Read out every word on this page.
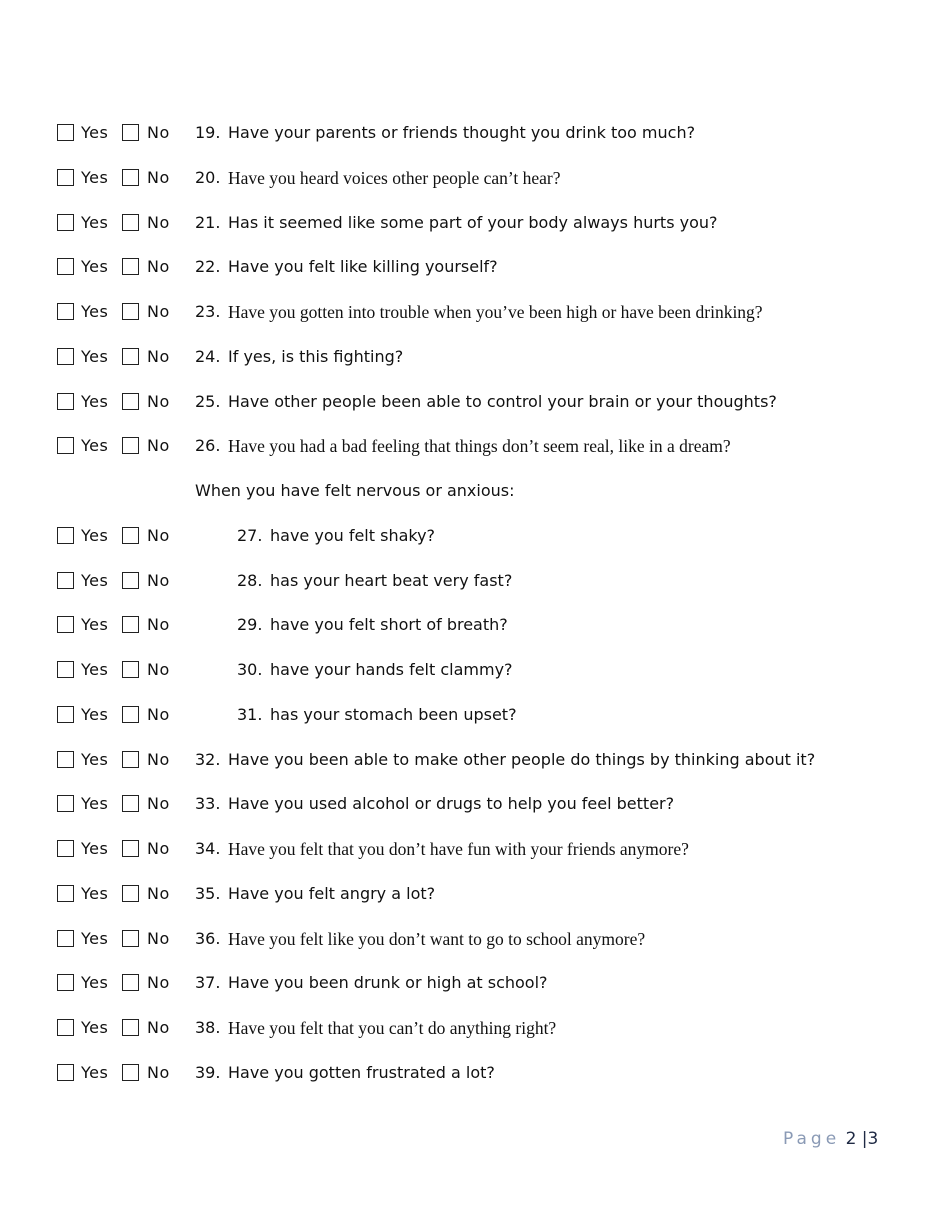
Yes No 19. Have your parents or friends thought you drink too much?
Yes No 20. Have you heard voices other people can’t hear?
Yes No 21. Has it seemed like some part of your body always hurts you?
Yes No 22. Have you felt like killing yourself?
Yes No 23. Have you gotten into trouble when you’ve been high or have been drinking?
Yes No 24. If yes, is this fighting?
Yes No 25. Have other people been able to control your brain or your thoughts?
Yes No 26. Have you had a bad feeling that things don’t seem real, like in a dream?
When you have felt nervous or anxious:
Yes No	27. have you felt shaky?
Yes No	28. has your heart beat very fast?
Yes No	29. have you felt short of breath?
Yes No	30. have your hands felt clammy?
Yes No	31. has your stomach been upset?
Yes No 32. Have you been able to make other people do things by thinking about it?
Yes No 33. Have you used alcohol or drugs to help you feel better?
Yes No 34. Have you felt that you don’t have fun with your friends anymore?
Yes No 35. Have you felt angry a lot?
Yes No 36. Have you felt like you don’t want to go to school anymore?
Yes No 37. Have you been drunk or high at school?
Yes No 38. Have you felt that you can’t do anything right?
Yes No 39. Have you gotten frustrated a lot?
Page 2 |3
